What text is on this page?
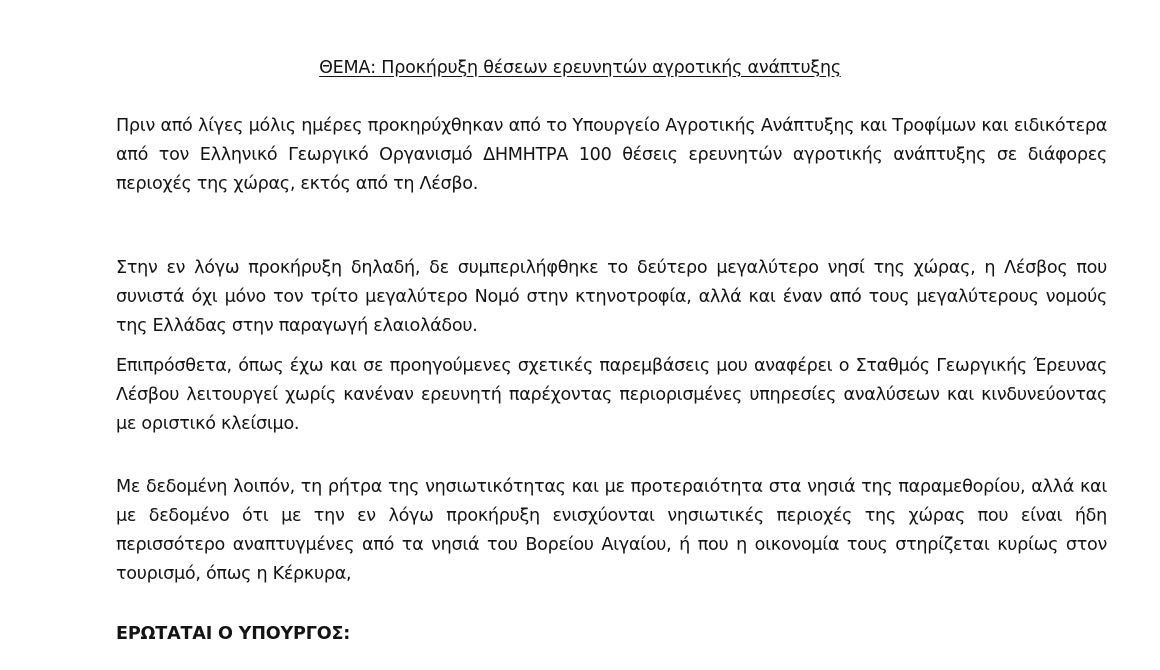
ΘΕΜΑ: Προκήρυξη θέσεων ερευνητών αγροτικής ανάπτυξης

Πριν από λίγες μόλις ημέρες προκηρύχθηκαν από το Υπουργείο Αγροτικής Ανάπτυξης και Τροφίμων και ειδικότερα από τον Ελληνικό Γεωργικό Οργανισμό ΔΗΜΗΤΡΑ 100 θέσεις ερευνητών αγροτικής ανάπτυξης σε διάφορες περιοχές της χώρας, εκτός από τη Λέσβο.

Στην εν λόγω προκήρυξη δηλαδή, δε συμπεριλήφθηκε το δεύτερο μεγαλύτερο νησί της χώρας, η Λέσβος που συνιστά όχι μόνο τον τρίτο μεγαλύτερο Νομό στην κτηνοτροφία, αλλά και έναν από τους μεγαλύτερους νομούς της Ελλάδας στην παραγωγή ελαιολάδου.

Επιπρόσθετα, όπως έχω και σε προηγούμενες σχετικές παρεμβάσεις μου αναφέρει ο Σταθμός Γεωργικής Έρευνας Λέσβου λειτουργεί χωρίς κανέναν ερευνητή παρέχοντας περιορισμένες υπηρεσίες αναλύσεων και κινδυνεύοντας με οριστικό κλείσιμο.

Με δεδομένη λοιπόν, τη ρήτρα της νησιωτικότητας και με προτεραιότητα στα νησιά της παραμεθορίου, αλλά και με δεδομένο ότι με την εν λόγω προκήρυξη ενισχύονται νησιωτικές περιοχές της χώρας που είναι ήδη περισσότερο αναπτυγμένες από τα νησιά του Βορείου Αιγαίου, ή που η οικονομία τους στηρίζεται κυρίως στον τουρισμό, όπως η Κέρκυρα,

ΕΡΩΤΑΤΑΙ Ο ΥΠΟΥΡΓΟΣ:
